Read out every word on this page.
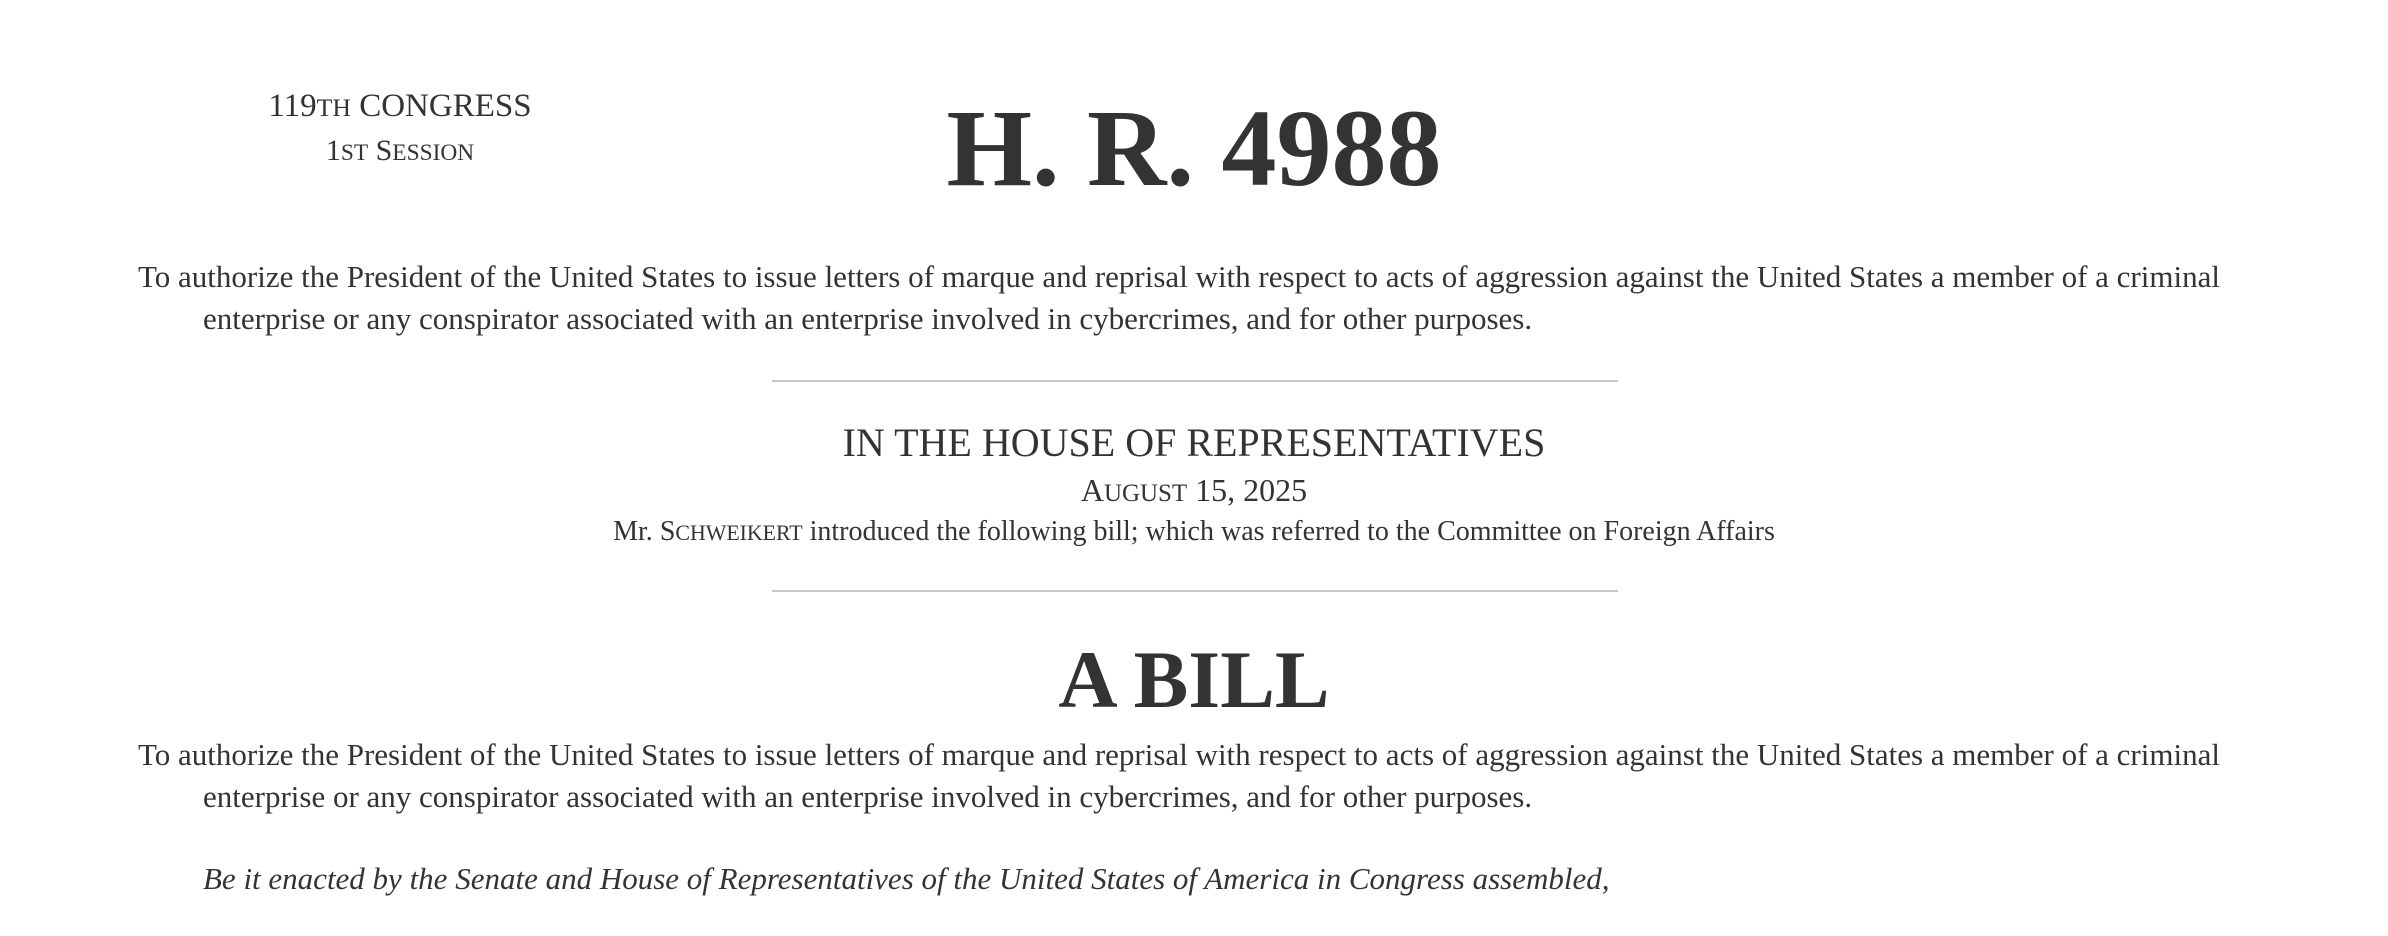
119TH CONGRESS
1ST SESSION	H. R. 4988
To authorize the President of the United States to issue letters of marque and reprisal with respect to acts of aggression against the United States a member of a criminal enterprise or any conspirator associated with an enterprise involved in cybercrimes, and for other purposes.
IN THE HOUSE OF REPRESENTATIVES
AUGUST 15, 2025
Mr. SCHWEIKERT introduced the following bill; which was referred to the Committee on Foreign Affairs
A BILL
To authorize the President of the United States to issue letters of marque and reprisal with respect to acts of aggression against the United States a member of a criminal enterprise or any conspirator associated with an enterprise involved in cybercrimes, and for other purposes.
Be it enacted by the Senate and House of Representatives of the United States of America in Congress assembled,
